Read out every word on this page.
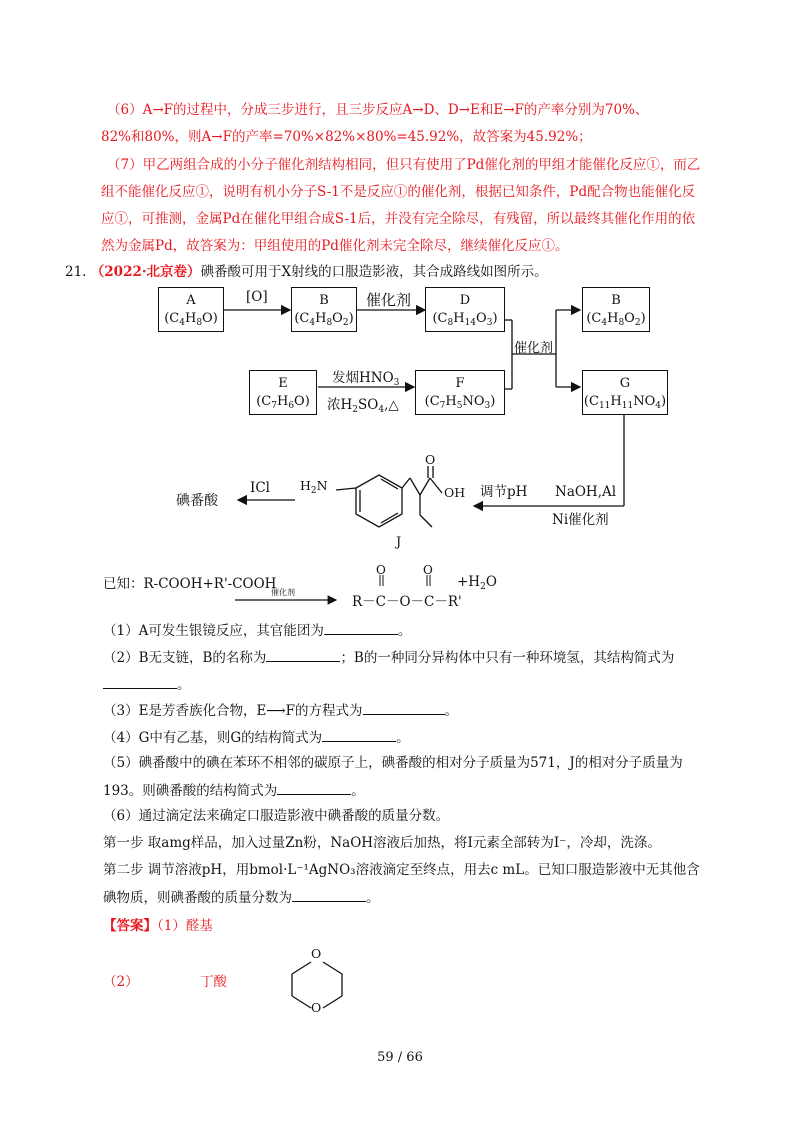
（6）A→F的过程中，分成三步进行，且三步反应A→D、D→E和E→F的产率分别为70%、
82%和80%，则A→F的产率=70%×82%×80%=45.92%，故答案为45.92%；
（7）甲乙两组合成的小分子催化剂结构相同，但只有使用了Pd催化剂的甲组才能催化反应①，而乙
组不能催化反应①，说明有机小分子S-1不是反应①的催化剂，根据已知条件，Pd配合物也能催化反
应①，可推测，金属Pd在催化甲组合成S-1后，并没有完全除尽，有残留，所以最终其催化作用的依
然为金属Pd，故答案为：甲组使用的Pd催化剂未完全除尽，继续催化反应①。
21. （2022·北京卷）碘番酸可用于X射线的口服造影液，其合成路线如图所示。
A
$(C_4H_8O)$
B
$(C_4H_8O_2)$
D
$(C_8H_{14}O_3)$
B
$(C_4H_8O_2)$
E
$(C_7H_6O)$
F
$(C_7H_5NO_3)$
G
$(C_{11}H_{11}NO_4)$
[O]	催化剂
催化剂
发烟$HNO_3$
浓$H_2SO_4,\triangle$
NaOH,Al
Ni催化剂
调节pH
ICl
碘番酸
$H_2N$	OH
O
J
已知：R-COOH+R'-COOH
催化剂
R－C－O－C－R'
O	O
$+H_2O$
（1）A可发生银镜反应，其官能团为	。
（2）B无支链，B的名称为	；B的一种同分异构体中只有一种环境氢，其结构简式为
。
（3）E是芳香族化合物，E⟶F的方程式为	。
（4）G中有乙基，则G的结构简式为	。
（5）碘番酸中的碘在苯环不相邻的碳原子上，碘番酸的相对分子质量为571，J的相对分子质量为
193。则碘番酸的结构简式为	。
（6）通过滴定法来确定口服造影液中碘番酸的质量分数。
第一步 取amg样品，加入过量Zn粉，NaOH溶液后加热，将I元素全部转为I⁻，冷却，洗涤。
第二步 调节溶液pH，用bmol·L⁻¹AgNO₃溶液滴定至终点，用去c mL。已知口服造影液中无其他含
碘物质，则碘番酸的质量分数为	。
【答案】（1）醛基
（2）	丁酸
O
O
59 / 66
